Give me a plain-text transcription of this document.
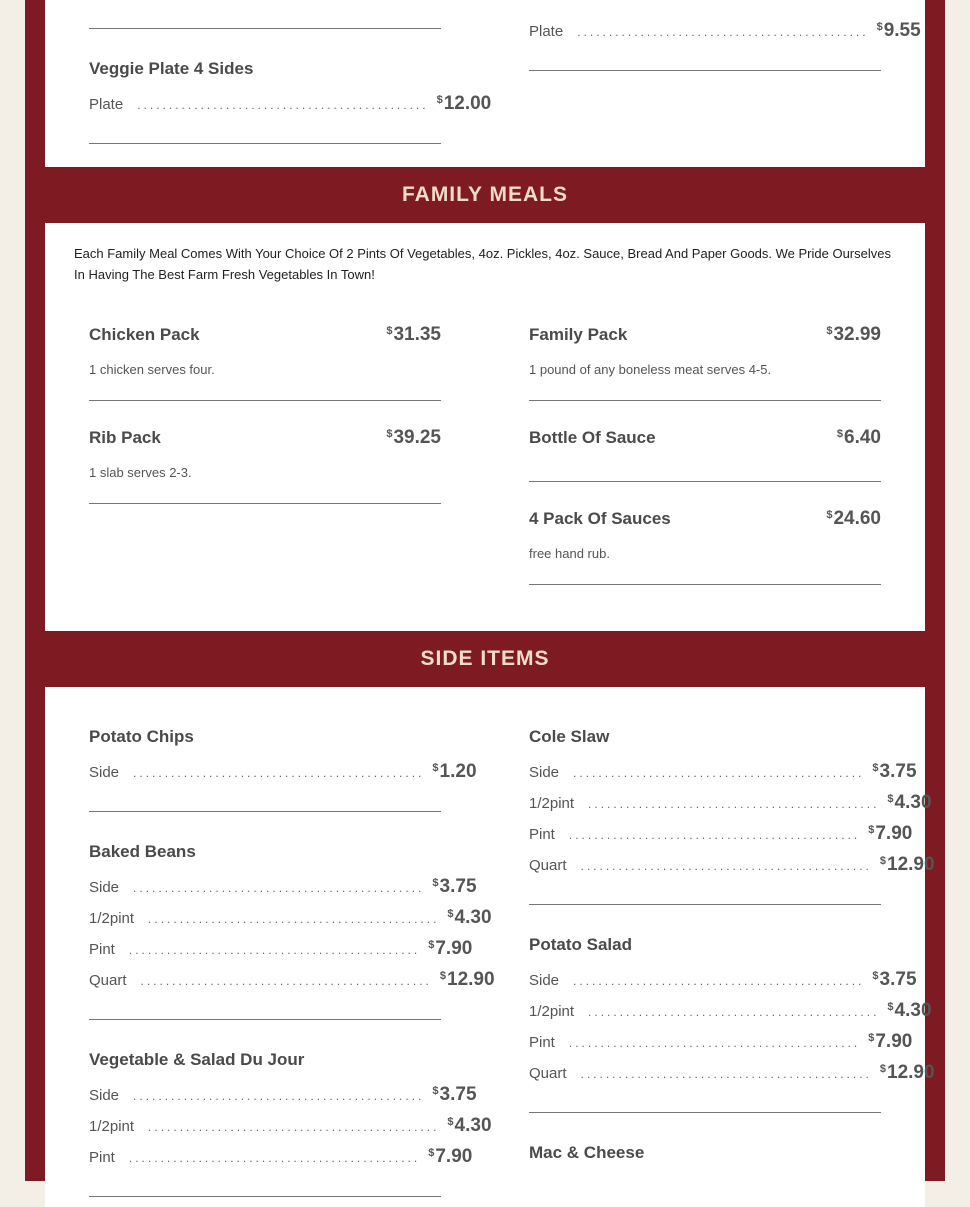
Veggie Plate 4 Sides
Plate .............................................. $12.00
Plate .............................................. $9.55
FAMILY MEALS
Each Family Meal Comes With Your Choice Of 2 Pints Of Vegetables, 4oz. Pickles, 4oz. Sauce, Bread And Paper Goods. We Pride Ourselves In Having The Best Farm Fresh Vegetables In Town!
Chicken Pack	$31.35
1 chicken serves four.
Rib Pack	$39.25
1 slab serves 2-3.
Family Pack	$32.99
1 pound of any boneless meat serves 4-5.
Bottle Of Sauce	$6.40
4 Pack Of Sauces	$24.60
free hand rub.
SIDE ITEMS
Potato Chips
Side .............................................. $1.20
Baked Beans
Side .............................................. $3.75
1/2pint .............................................. $4.30
Pint .............................................. $7.90
Quart .............................................. $12.90
Vegetable & Salad Du Jour
Side .............................................. $3.75
1/2pint .............................................. $4.30
Pint .............................................. $7.90
Cole Slaw
Side .............................................. $3.75
1/2pint .............................................. $4.30
Pint .............................................. $7.90
Quart .............................................. $12.90
Potato Salad
Side .............................................. $3.75
1/2pint .............................................. $4.30
Pint .............................................. $7.90
Quart .............................................. $12.90
Mac & Cheese
